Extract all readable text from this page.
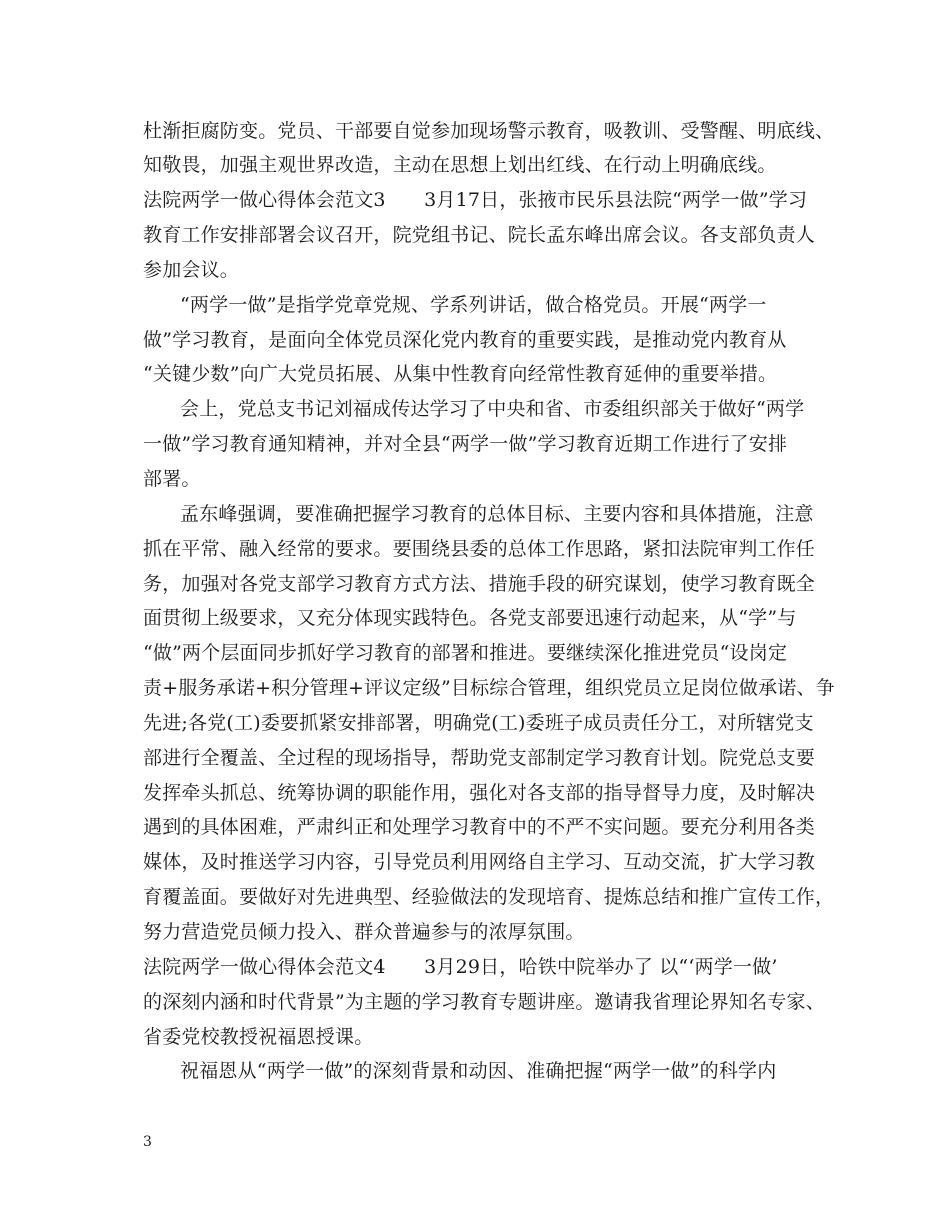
杜渐拒腐防变。党员、干部要自觉参加现场警示教育，吸教训、受警醒、明底线、
知敬畏，加强主观世界改造，主动在思想上划出红线、在行动上明确底线。
法院两学一做心得体会范文3　　3月17日，张掖市民乐县法院“两学一做”学习
教育工作安排部署会议召开，院党组书记、院长孟东峰出席会议。各支部负责人
参加会议。
“两学一做”是指学党章党规、学系列讲话，做合格党员。开展“两学一
做”学习教育，是面向全体党员深化党内教育的重要实践，是推动党内教育从
“关键少数”向广大党员拓展、从集中性教育向经常性教育延伸的重要举措。
会上，党总支书记刘福成传达学习了中央和省、市委组织部关于做好“两学
一做”学习教育通知精神，并对全县“两学一做”学习教育近期工作进行了安排
部署。
孟东峰强调，要准确把握学习教育的总体目标、主要内容和具体措施，注意
抓在平常、融入经常的要求。要围绕县委的总体工作思路，紧扣法院审判工作任
务，加强对各党支部学习教育方式方法、措施手段的研究谋划，使学习教育既全
面贯彻上级要求，又充分体现实践特色。各党支部要迅速行动起来，从“学”与
“做”两个层面同步抓好学习教育的部署和推进。要继续深化推进党员“设岗定
责+服务承诺+积分管理+评议定级”目标综合管理，组织党员立足岗位做承诺、争
先进;各党(工)委要抓紧安排部署，明确党(工)委班子成员责任分工，对所辖党支
部进行全覆盖、全过程的现场指导，帮助党支部制定学习教育计划。院党总支要
发挥牵头抓总、统筹协调的职能作用，强化对各支部的指导督导力度，及时解决
遇到的具体困难，严肃纠正和处理学习教育中的不严不实问题。要充分利用各类
媒体，及时推送学习内容，引导党员利用网络自主学习、互动交流，扩大学习教
育覆盖面。要做好对先进典型、经验做法的发现培育、提炼总结和推广宣传工作，
努力营造党员倾力投入、群众普遍参与的浓厚氛围。
法院两学一做心得体会范文4　　3月29日，哈铁中院举办了 以“‘两学一做’
的深刻内涵和时代背景”为主题的学习教育专题讲座。邀请我省理论界知名专家、
省委党校教授祝福恩授课。
祝福恩从“两学一做”的深刻背景和动因、准确把握“两学一做”的科学内
3
